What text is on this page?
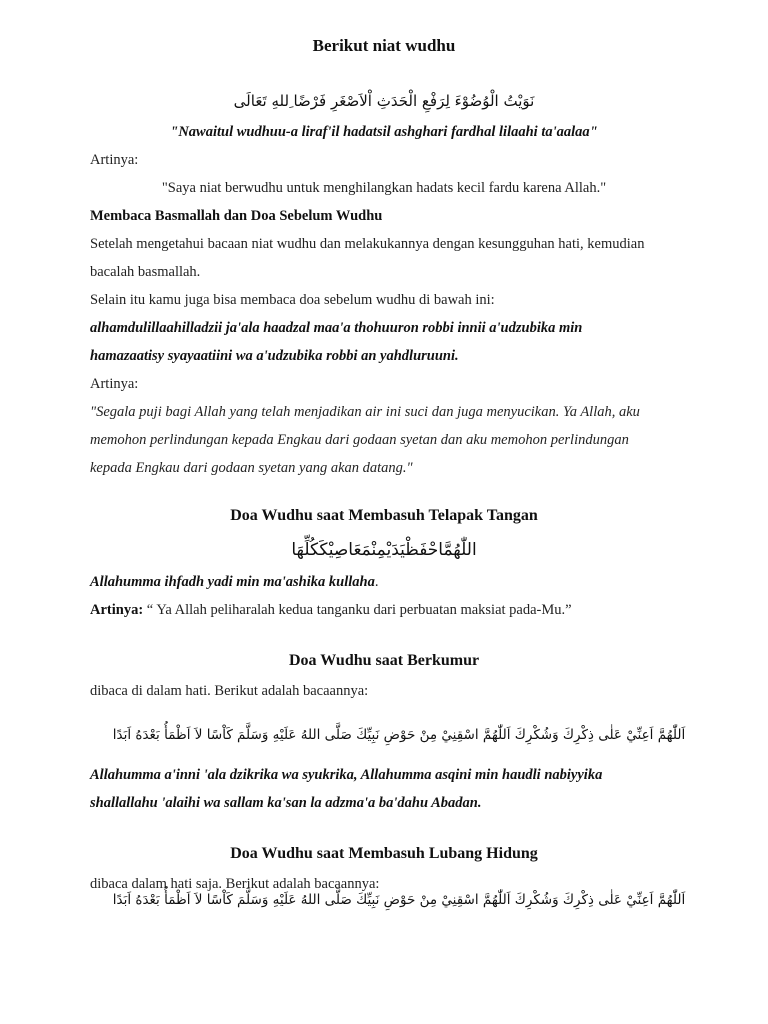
Berikut niat wudhu
نَوَيْتُ الْوُضُوْءَ لِرَفْعِ الْحَدَثِ اْلاَصْغَرِ فَرْضًا ِللهِ تَعَالَى
"Nawaitul wudhuu-a liraf'il hadatsil ashghari fardhal lilaahi ta'aalaa"
Artinya:
"Saya niat berwudhu untuk menghilangkan hadats kecil fardu karena Allah."
Membaca Basmallah dan Doa Sebelum Wudhu
Setelah mengetahui bacaan niat wudhu dan melakukannya dengan kesungguhan hati, kemudian
bacalah basmallah.
Selain itu kamu juga bisa membaca doa sebelum wudhu di bawah ini:
alhamdulillaahilladzii ja'ala haadzal maa'a thohuuron robbi innii a'udzubika min
hamazaatisy syayaatiini wa a'udzubika robbi an yahdluruuni.
Artinya:
"Segala puji bagi Allah yang telah menjadikan air ini suci dan juga menyucikan. Ya Allah, aku
memohon perlindungan kepada Engkau dari godaan syetan dan aku memohon perlindungan
kepada Engkau dari godaan syetan yang akan datang."
Doa Wudhu saat Membasuh Telapak Tangan
اللّٰهُمَّاحْفَظْيَدَيْمِنْمَعَاصِيْكَكُلِّهَا
Allahumma ihfadh yadi min ma'ashika kullaha.
Artinya: “ Ya Allah peliharalah kedua tanganku dari perbuatan maksiat pada-Mu.”
Doa Wudhu saat Berkumur
dibaca di dalam hati. Berikut adalah bacaannya:
اَللّٰهُمَّ اَعِنِّيْ عَلٰى ذِكْرِكَ وَشُكْرِكَ اَللّٰهُمَّ اسْقِنِيْ مِنْ حَوْضِ نَبِيِّكَ صَلَّى اللهُ عَلَيْهِ وَسَلَّمَ كَاْسًا لاَ اَظْمَأُ بَعْدَهُ اَبَدًا
Allahumma a'inni 'ala dzikrika wa syukrika, Allahumma asqini min haudli nabiyyika
shallallahu 'alaihi wa sallam ka'san la adzma'a ba'dahu Abadan.
Doa Wudhu saat Membasuh Lubang Hidung
dibaca dalam hati saja. Berikut adalah bacaannya:
اَللّٰهُمَّ اَعِنِّيْ عَلٰى ذِكْرِكَ وَشُكْرِكَ اَللّٰهُمَّ اسْقِنِيْ مِنْ حَوْضِ نَبِيِّكَ صَلَّى اللهُ عَلَيْهِ وَسَلَّمَ كَاْسًا لاَ اَظْمَأُ بَعْدَهُ اَبَدًا
